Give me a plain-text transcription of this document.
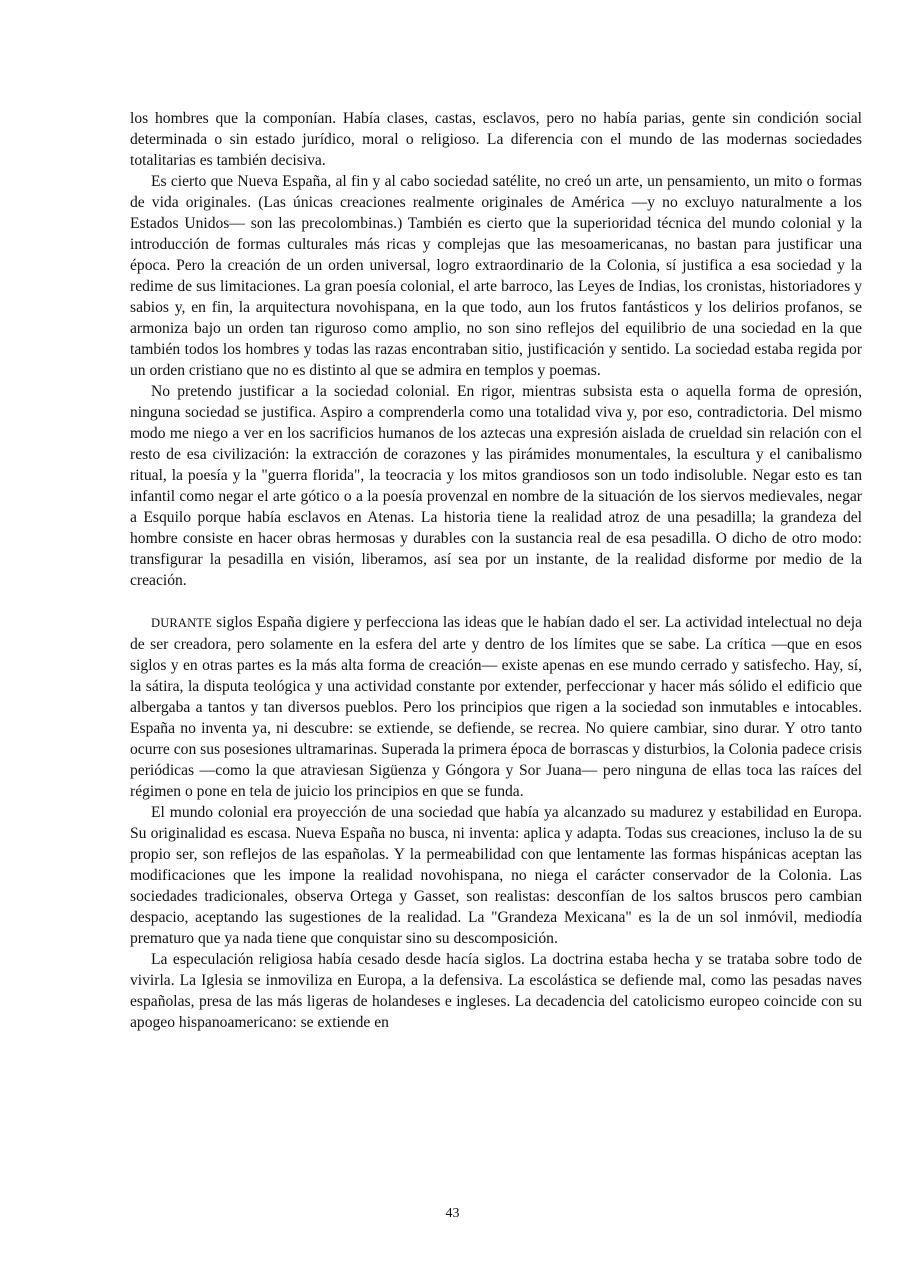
los hombres que la componían. Había clases, castas, esclavos, pero no había parias, gente sin condición social determinada o sin estado jurídico, moral o religioso. La diferencia con el mundo de las modernas sociedades totalitarias es también decisiva.

Es cierto que Nueva España, al fin y al cabo sociedad satélite, no creó un arte, un pensamiento, un mito o formas de vida originales. (Las únicas creaciones realmente originales de América —y no excluyo naturalmente a los Estados Unidos— son las precolombinas.) También es cierto que la superioridad técnica del mundo colonial y la introducción de formas culturales más ricas y complejas que las mesoamericanas, no bastan para justificar una época. Pero la creación de un orden universal, logro extraordinario de la Colonia, sí justifica a esa sociedad y la redime de sus limitaciones. La gran poesía colonial, el arte barroco, las Leyes de Indias, los cronistas, historiadores y sabios y, en fin, la arquitectura novohispana, en la que todo, aun los frutos fantásticos y los delirios profanos, se armoniza bajo un orden tan riguroso como amplio, no son sino reflejos del equilibrio de una sociedad en la que también todos los hombres y todas las razas encontraban sitio, justificación y sentido. La sociedad estaba regida por un orden cristiano que no es distinto al que se admira en templos y poemas.

No pretendo justificar a la sociedad colonial. En rigor, mientras subsista esta o aquella forma de opresión, ninguna sociedad se justifica. Aspiro a comprenderla como una totalidad viva y, por eso, contradictoria. Del mismo modo me niego a ver en los sacrificios humanos de los aztecas una expresión aislada de crueldad sin relación con el resto de esa civilización: la extracción de corazones y las pirámides monumentales, la escultura y el canibalismo ritual, la poesía y la "guerra florida", la teocracia y los mitos grandiosos son un todo indisoluble. Negar esto es tan infantil como negar el arte gótico o a la poesía provenzal en nombre de la situación de los siervos medievales, negar a Esquilo porque había esclavos en Atenas. La historia tiene la realidad atroz de una pesadilla; la grandeza del hombre consiste en hacer obras hermosas y durables con la sustancia real de esa pesadilla. O dicho de otro modo: transfigurar la pesadilla en visión, liberamos, así sea por un instante, de la realidad disforme por medio de la creación.

DURANTE siglos España digiere y perfecciona las ideas que le habían dado el ser. La actividad intelectual no deja de ser creadora, pero solamente en la esfera del arte y dentro de los límites que se sabe. La crítica —que en esos siglos y en otras partes es la más alta forma de creación— existe apenas en ese mundo cerrado y satisfecho. Hay, sí, la sátira, la disputa teológica y una actividad constante por extender, perfeccionar y hacer más sólido el edificio que albergaba a tantos y tan diversos pueblos. Pero los principios que rigen a la sociedad son inmutables e intocables. España no inventa ya, ni descubre: se extiende, se defiende, se recrea. No quiere cambiar, sino durar. Y otro tanto ocurre con sus posesiones ultramarinas. Superada la primera época de borrascas y disturbios, la Colonia padece crisis periódicas —como la que atraviesan Sigüenza y Góngora y Sor Juana— pero ninguna de ellas toca las raíces del régimen o pone en tela de juicio los principios en que se funda.

El mundo colonial era proyección de una sociedad que había ya alcanzado su madurez y estabilidad en Europa. Su originalidad es escasa. Nueva España no busca, ni inventa: aplica y adapta. Todas sus creaciones, incluso la de su propio ser, son reflejos de las españolas. Y la permeabilidad con que lentamente las formas hispánicas aceptan las modificaciones que les impone la realidad novohispana, no niega el carácter conservador de la Colonia. Las sociedades tradicionales, observa Ortega y Gasset, son realistas: desconfían de los saltos bruscos pero cambian despacio, aceptando las sugestiones de la realidad. La "Grandeza Mexicana" es la de un sol inmóvil, mediodía prematuro que ya nada tiene que conquistar sino su descomposición.

La especulación religiosa había cesado desde hacía siglos. La doctrina estaba hecha y se trataba sobre todo de vivirla. La Iglesia se inmoviliza en Europa, a la defensiva. La escolástica se defiende mal, como las pesadas naves españolas, presa de las más ligeras de holandeses e ingleses. La decadencia del catolicismo europeo coincide con su apogeo hispanoamericano: se extiende en

43
